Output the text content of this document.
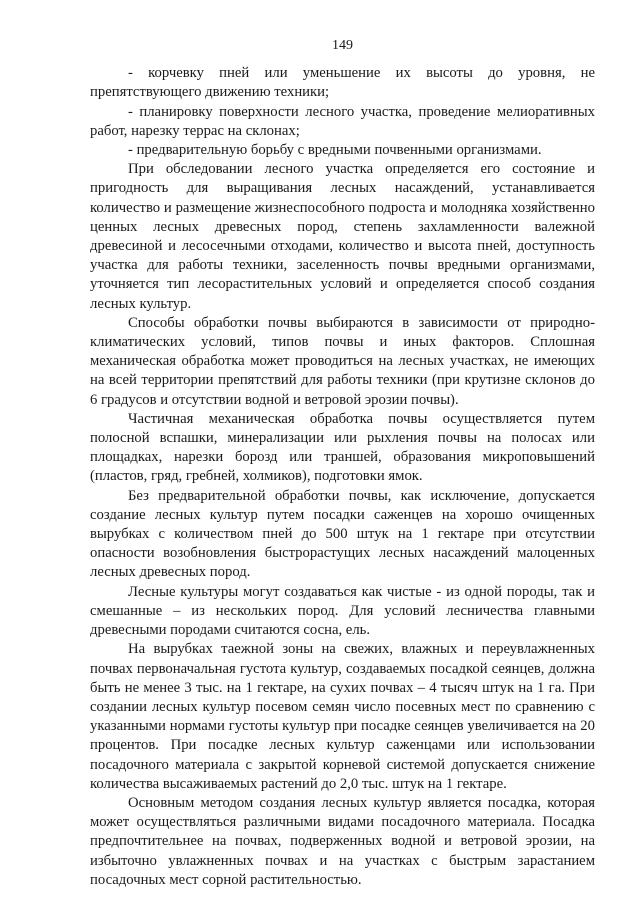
149

- корчевку пней или уменьшение их высоты до уровня, не препятствующего движению техники;

- планировку поверхности лесного участка, проведение мелиоративных работ, нарезку террас на склонах;

- предварительную борьбу с вредными почвенными организмами.

При обследовании лесного участка определяется его состояние и пригодность для выращивания лесных насаждений, устанавливается количество и размещение жизнеспособного подроста и молодняка хозяйственно ценных лесных древесных пород, степень захламленности валежной древесиной и лесосечными отходами, количество и высота пней, доступность участка для работы техники, заселенность почвы вредными организмами, уточняется тип лесорастительных условий и определяется способ создания лесных культур.

Способы обработки почвы выбираются в зависимости от природно-климатических условий, типов почвы и иных факторов. Сплошная механическая обработка может проводиться на лесных участках, не имеющих на всей территории препятствий для работы техники (при крутизне склонов до 6 градусов и отсутствии водной и ветровой эрозии почвы).

Частичная механическая обработка почвы осуществляется путем полосной вспашки, минерализации или рыхления почвы на полосах или площадках, нарезки борозд или траншей, образования микроповышений (пластов, гряд, гребней, холмиков), подготовки ямок.

Без предварительной обработки почвы, как исключение, допускается создание лесных культур путем посадки саженцев на хорошо очищенных вырубках с количеством пней до 500 штук на 1 гектаре при отсутствии опасности возобновления быстрорастущих лесных насаждений малоценных лесных древесных пород.

Лесные культуры могут создаваться как чистые - из одной породы, так и смешанные – из нескольких пород. Для условий лесничества главными древесными породами считаются сосна, ель.

На вырубках таежной зоны на свежих, влажных и переувлажненных почвах первоначальная густота культур, создаваемых посадкой сеянцев, должна быть не менее 3 тыс. на 1 гектаре, на сухих почвах – 4 тысяч штук на 1 га. При создании лесных культур посевом семян число посевных мест по сравнению с указанными нормами густоты культур при посадке сеянцев увеличивается на 20 процентов. При посадке лесных культур саженцами или использовании посадочного материала с закрытой корневой системой допускается снижение количества высаживаемых растений до 2,0 тыс. штук на 1 гектаре.

Основным методом создания лесных культур является посадка, которая может осуществляться различными видами посадочного материала. Посадка предпочтительнее на почвах, подверженных водной и ветровой эрозии, на избыточно увлажненных почвах и на участках с быстрым зарастанием посадочных мест сорной растительностью.
